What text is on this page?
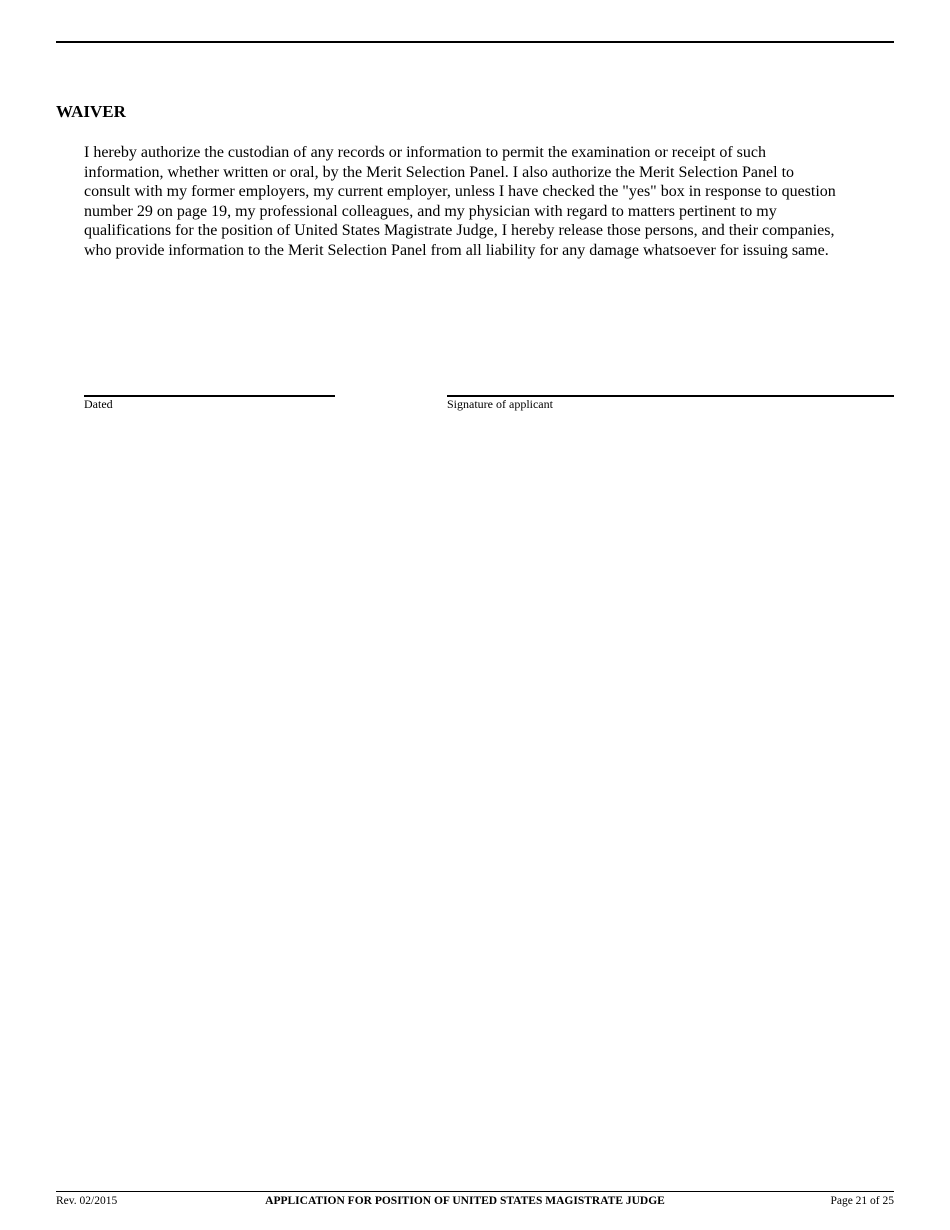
WAIVER

I hereby authorize the custodian of any records or information to permit the examination or receipt of such
information, whether written or oral, by the Merit Selection Panel. I also authorize the Merit Selection Panel to
consult with my former employers, my current employer, unless I have checked the "yes" box in response to question
number 29 on page 19, my professional colleagues, and my physician with regard to matters pertinent to my
qualifications for the position of United States Magistrate Judge, I hereby release those persons, and their companies,
who provide information to the Merit Selection Panel from all liability for any damage whatsoever for issuing same.

Dated	Signature of applicant
Rev. 02/2015	APPLICATION FOR POSITION OF UNITED STATES MAGISTRATE JUDGE	Page 21 of 25
